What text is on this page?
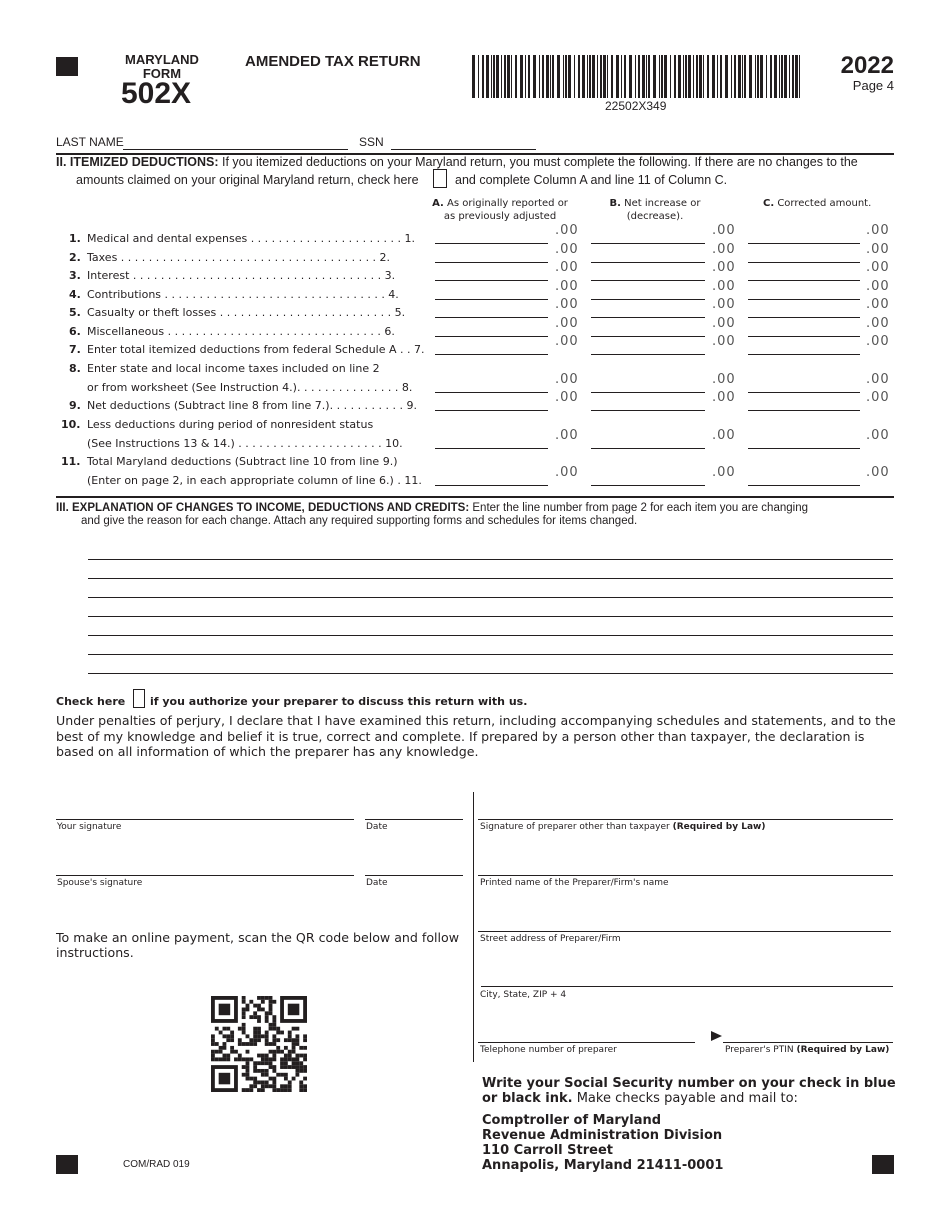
MARYLAND
FORM
502X
AMENDED TAX RETURN
22502X349
2022
Page 4
LAST NAME	SSN
II. ITEMIZED DEDUCTIONS: If you itemized deductions on your Maryland return, you must complete the following. If there are no changes to the
amounts claimed on your original Maryland return, check here	and complete Column A and line 11 of Column C.
III. EXPLANATION OF CHANGES TO INCOME, DEDUCTIONS AND CREDITS: Enter the line number from page 2 for each item you are changing
and give the reason for each change. Attach any required supporting forms and schedules for items changed.
Check here if you authorize your preparer to discuss this return with us.
Under penalties of perjury, I declare that I have examined this return, including accompanying schedules and statements, and to the best of my knowledge and belief it is true, correct and complete. If prepared by a person other than taxpayer, the declaration is based on all information of which the preparer has any knowledge.
Your signature	Date
Spouse's signature	Date
Signature of preparer other than taxpayer (Required by Law)
Printed name of the Preparer/Firm's name
Street address of Preparer/Firm
City, State, ZIP + 4
Telephone number of preparer	Preparer's PTIN (Required by Law)
To make an online payment, scan the QR code below and follow instructions.
Write your Social Security number on your check in blue or black ink. Make checks payable and mail to:
Comptroller of Maryland
Revenue Administration Division
110 Carroll Street
Annapolis, Maryland 21411-0001
COM/RAD 019
A. As originally reported or
as previously adjusted
B. Net increase or
(decrease).
C. Corrected amount.
1. Medical and dental expenses . . . . . . . . . . . . . . . . . . . . . . 1.
.00	.00	.00
2. Taxes . . . . . . . . . . . . . . . . . . . . . . . . . . . . . . . . . . . . . 2.
.00	.00	.00
3. Interest . . . . . . . . . . . . . . . . . . . . . . . . . . . . . . . . . . . . 3.
.00	.00	.00
4. Contributions . . . . . . . . . . . . . . . . . . . . . . . . . . . . . . . . 4.
.00	.00	.00
5. Casualty or theft losses . . . . . . . . . . . . . . . . . . . . . . . . . 5.
.00	.00	.00
6. Miscellaneous . . . . . . . . . . . . . . . . . . . . . . . . . . . . . . . 6.
.00	.00	.00
7. Enter total itemized deductions from federal Schedule A . . 7.
.00	.00	.00
8. Enter state and local income taxes included on line 2
or from worksheet (See Instruction 4.). . . . . . . . . . . . . . . 8.
.00	.00	.00
9. Net deductions (Subtract line 8 from line 7.). . . . . . . . . . . 9.
.00	.00	.00
10. Less deductions during period of nonresident status
(See Instructions 13 & 14.) . . . . . . . . . . . . . . . . . . . . . 10.
.00	.00	.00
11. Total Maryland deductions (Subtract line 10 from line 9.)
(Enter on page 2, in each appropriate column of line 6.) . 11.
.00	.00	.00
